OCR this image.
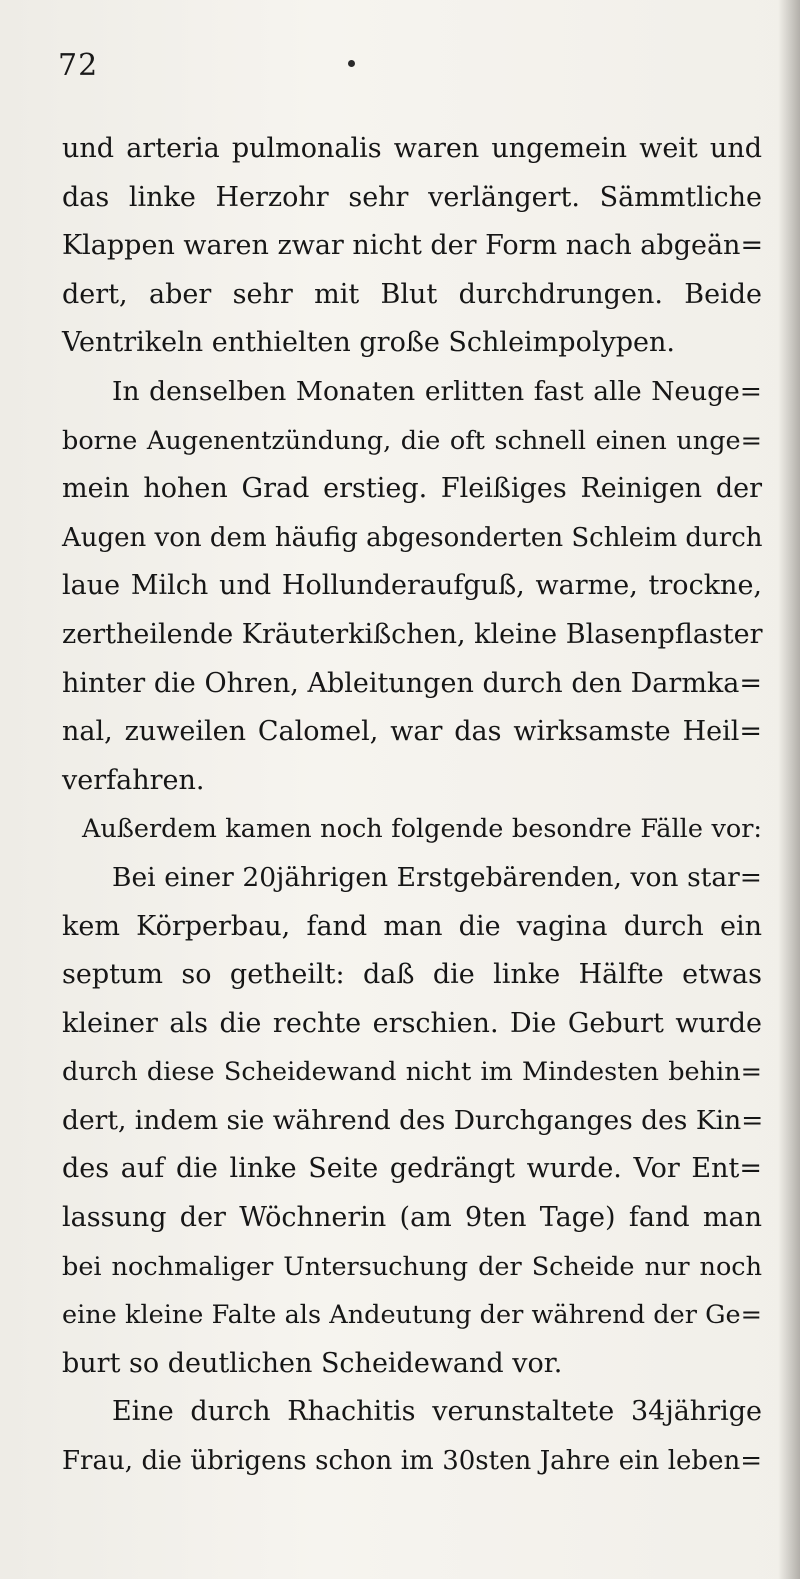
72
und arteria pulmonalis waren ungemein weit und
das linke Herzohr sehr verlängert. Sämmtliche
Klappen waren zwar nicht der Form nach abgeän=
dert, aber sehr mit Blut durchdrungen. Beide
Ventrikeln enthielten große Schleimpolypen.
In denselben Monaten erlitten fast alle Neuge=
borne Augenentzündung, die oft schnell einen unge=
mein hohen Grad erstieg. Fleißiges Reinigen der
Augen von dem häufig abgesonderten Schleim durch
laue Milch und Hollunderaufguß, warme, trockne,
zertheilende Kräuterkißchen, kleine Blasenpflaster
hinter die Ohren, Ableitungen durch den Darmka=
nal, zuweilen Calomel, war das wirksamste Heil=
verfahren.
Außerdem kamen noch folgende besondre Fälle vor:
Bei einer 20jährigen Erstgebärenden, von star=
kem Körperbau, fand man die vagina durch ein
septum so getheilt: daß die linke Hälfte etwas
kleiner als die rechte erschien. Die Geburt wurde
durch diese Scheidewand nicht im Mindesten behin=
dert, indem sie während des Durchganges des Kin=
des auf die linke Seite gedrängt wurde. Vor Ent=
lassung der Wöchnerin (am 9ten Tage) fand man
bei nochmaliger Untersuchung der Scheide nur noch
eine kleine Falte als Andeutung der während der Ge=
burt so deutlichen Scheidewand vor.
Eine durch Rhachitis verunstaltete 34jährige
Frau, die übrigens schon im 30sten Jahre ein leben=
